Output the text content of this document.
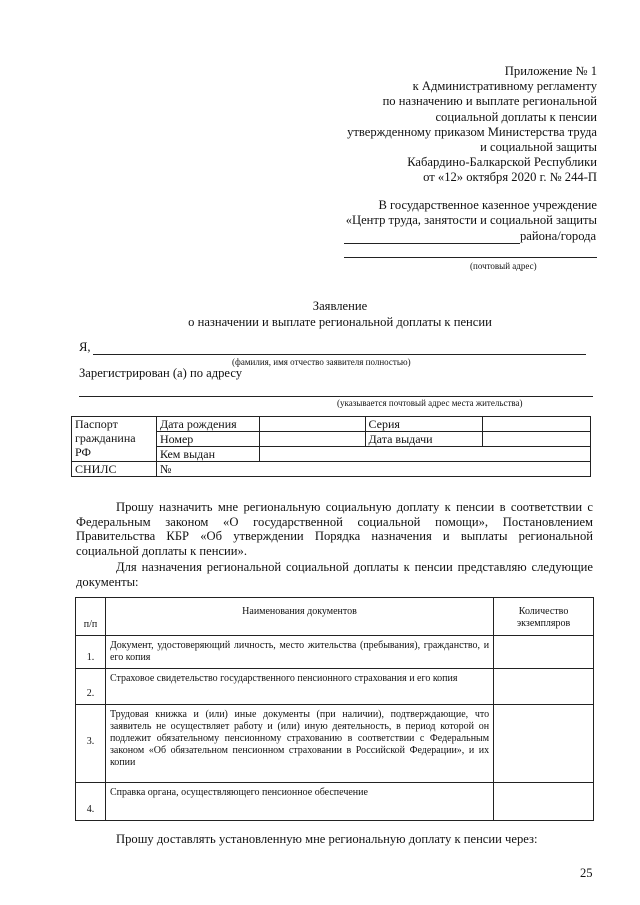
Приложение № 1
к Административному регламенту
по назначению и выплате региональной
социальной доплаты к пенсии
утвержденному приказом Министерства труда
и социальной защиты
Кабардино-Балкарской Республики
от «12» октября 2020 г. № 244-П
В государственное казенное учреждение
«Центр труда, занятости и социальной защиты
района/города
(почтовый адрес)
Заявление
о назначении и выплате региональной доплаты к пенсии
Я,
(фамилия, имя отчество заявителя полностью)
Зарегистрирован (а) по адресу
(указывается почтовый адрес места жительства)
Паспорт
гражданина
РФ	Дата рождения		Серия	
	Номер		Дата выдачи	
	Кем выдан			
СНИЛС	№			
Прошу назначить мне региональную социальную доплату к пенсии в соответствии с Федеральным законом «О государственной социальной помощи», Постановлением Правительства КБР «Об утверждении Порядка назначения и выплаты региональной социальной доплаты к пенсии».
Для назначения региональной социальной доплаты к пенсии представляю следующие документы:
п/п	Наименования документов	Количество экземпляров
1.	Документ, удостоверяющий личность, место жительства (пребывания), гражданство, и его копия	
2.	Страховое свидетельство государственного пенсионного страхования и его копия	
3.	Трудовая книжка и (или) иные документы (при наличии), подтверждающие, что заявитель не осуществляет работу и (или) иную деятельность, в период которой он подлежит обязательному пенсионному страхованию в соответствии с Федеральным законом «Об обязательном пенсионном страховании в Российской Федерации», и их копии	
4.	Справка органа, осуществляющего пенсионное обеспечение	
Прошу доставлять установленную мне региональную доплату к пенсии через:
25
